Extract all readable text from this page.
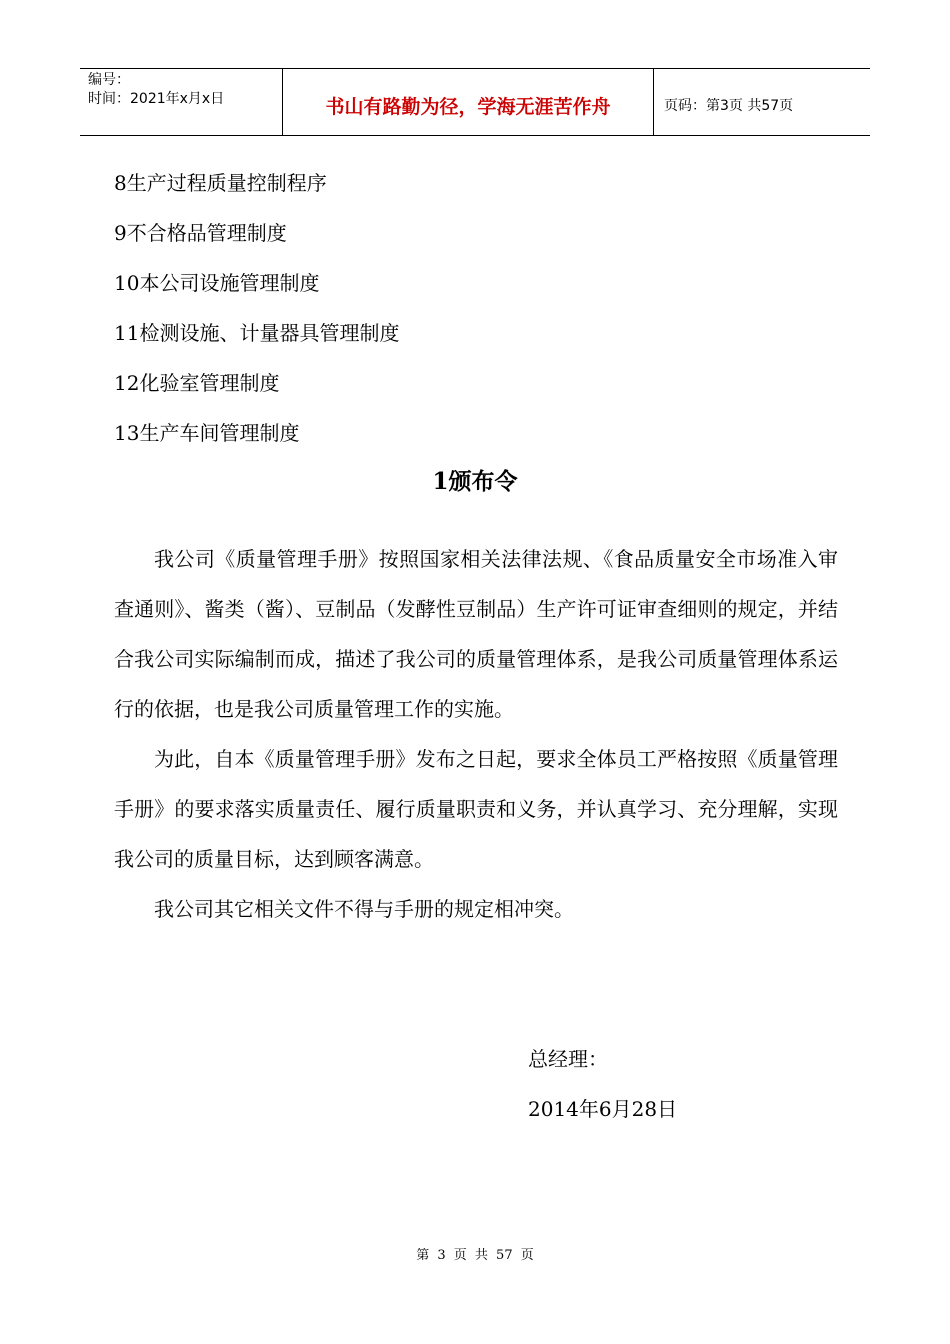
编号：
时间：2021年x月x日	书山有路勤为径，学海无涯苦作舟	页码：第3页 共57页
8生产过程质量控制程序
9不合格品管理制度
10本公司设施管理制度
11检测设施、计量器具管理制度
12化验室管理制度
13生产车间管理制度
1颁布令

我公司《质量管理手册》按照国家相关法律法规、《食品质量安全市场准入审查通则》、酱类（酱）、豆制品（发酵性豆制品）生产许可证审查细则的规定，并结合我公司实际编制而成，描述了我公司的质量管理体系，是我公司质量管理体系运行的依据，也是我公司质量管理工作的实施。

为此，自本《质量管理手册》发布之日起，要求全体员工严格按照《质量管理手册》的要求落实质量责任、履行质量职责和义务，并认真学习、充分理解，实现我公司的质量目标，达到顾客满意。

我公司其它相关文件不得与手册的规定相冲突。

总经理：
2014年6月28日
第 3 页 共 57 页
